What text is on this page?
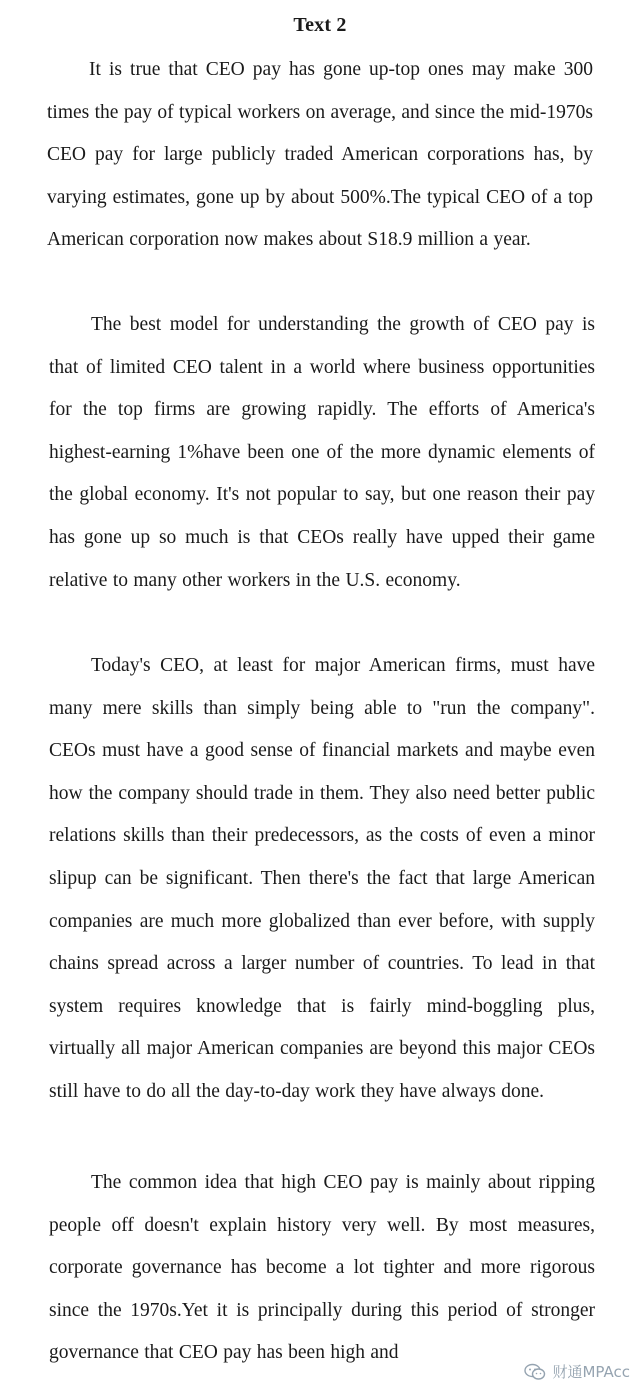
Text 2

It is true that CEO pay has gone up-top ones may make 300 times the pay of typical workers on average, and since the mid-1970s CEO pay for large publicly traded American corporations has, by varying estimates, gone up by about 500%.The typical CEO of a top American corporation now makes about S18.9 million a year.

The best model for understanding the growth of CEO pay is that of limited CEO talent in a world where business opportunities for the top firms are growing rapidly. The efforts of America's highest-earning 1%have been one of the more dynamic elements of the global economy. It's not popular to say, but one reason their pay has gone up so much is that CEOs really have upped their game relative to many other workers in the U.S. economy.

Today's CEO, at least for major American firms, must have many mere skills than simply being able to "run the company". CEOs must have a good sense of financial markets and maybe even how the company should trade in them. They also need better public relations skills than their predecessors, as the costs of even a minor slipup can be significant. Then there's the fact that large American companies are much more globalized than ever before, with supply chains spread across a larger number of countries. To lead in that system requires knowledge that is fairly mind-boggling plus, virtually all major American companies are beyond this major CEOs still have to do all the day-to-day work they have always done.

The common idea that high CEO pay is mainly about ripping people off doesn't explain history very well. By most measures, corporate governance has become a lot tighter and more rigorous since the 1970s.Yet it is principally during this period of stronger governance that CEO pay has been high and

财通MPAcc
